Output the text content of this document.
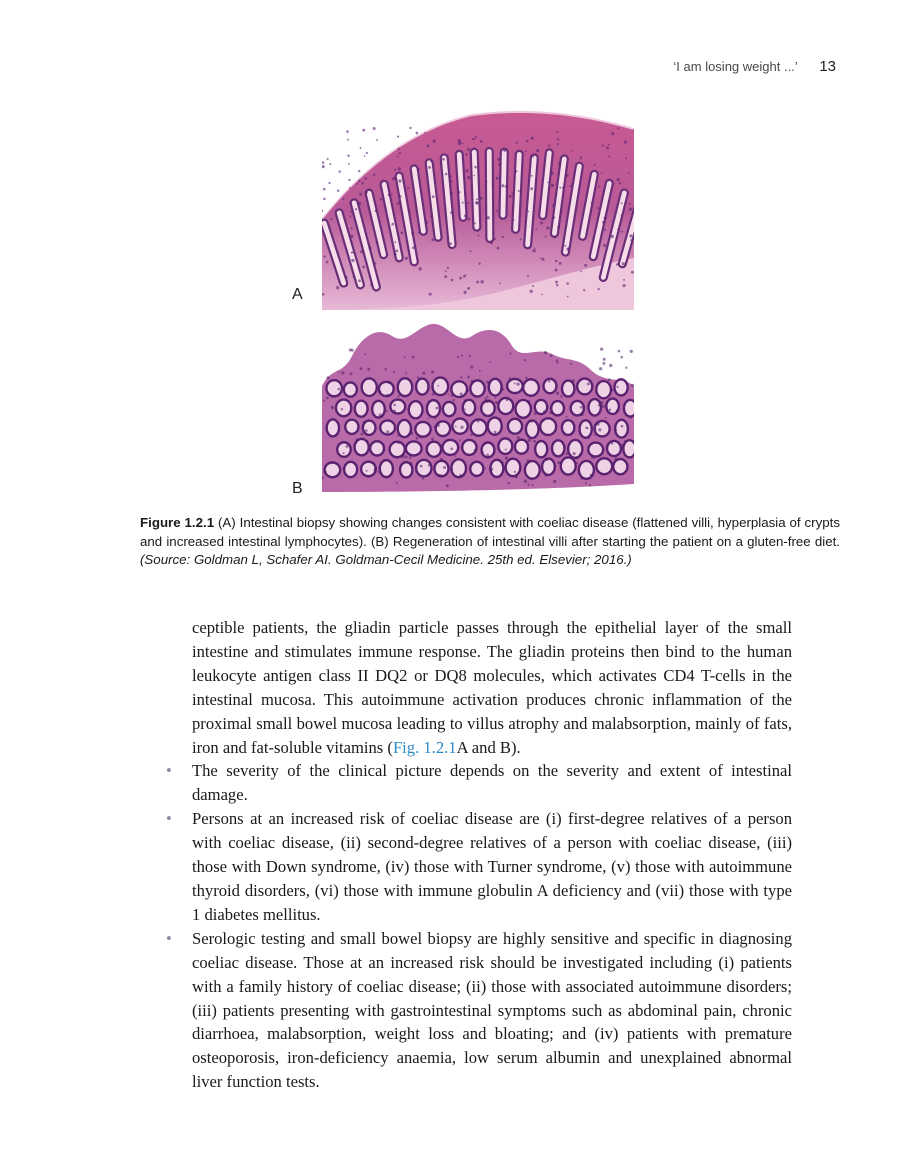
‘I am losing weight ...’ 13
A
B
Figure 1.2.1 (A) Intestinal biopsy showing changes consistent with coeliac disease (flattened villi, hyperplasia of crypts and increased intestinal lymphocytes). (B) Regeneration of intestinal villi after starting the patient on a gluten-free diet. (Source: Goldman L, Schafer AI. Goldman-Cecil Medicine. 25th ed. Elsevier; 2016.)

ceptible patients, the gliadin particle passes through the epithelial layer of the small intestine and stimulates immune response. The gliadin proteins then bind to the human leukocyte antigen class II DQ2 or DQ8 molecules, which activates CD4 T-cells in the intestinal mucosa. This autoimmune activation produces chronic inflammation of the proximal small bowel mucosa leading to villus atrophy and malabsorption, mainly of fats, iron and fat-soluble vitamins (Fig. 1.2.1A and B).

• The severity of the clinical picture depends on the severity and extent of intestinal damage.
• Persons at an increased risk of coeliac disease are (i) first-degree relatives of a person with coeliac disease, (ii) second-degree relatives of a person with coeliac disease, (iii) those with Down syndrome, (iv) those with Turner syndrome, (v) those with autoimmune thyroid disorders, (vi) those with immune globulin A deficiency and (vii) those with type 1 diabetes mellitus.
• Serologic testing and small bowel biopsy are highly sensitive and specific in diagnosing coeliac disease. Those at an increased risk should be investigated including (i) patients with a family history of coeliac disease; (ii) those with associated autoimmune disorders; (iii) patients presenting with gastrointestinal symptoms such as abdominal pain, chronic diarrhoea, malabsorption, weight loss and bloating; and (iv) patients with premature osteoporosis, iron-deficiency anaemia, low serum albumin and unexplained abnormal liver function tests.
